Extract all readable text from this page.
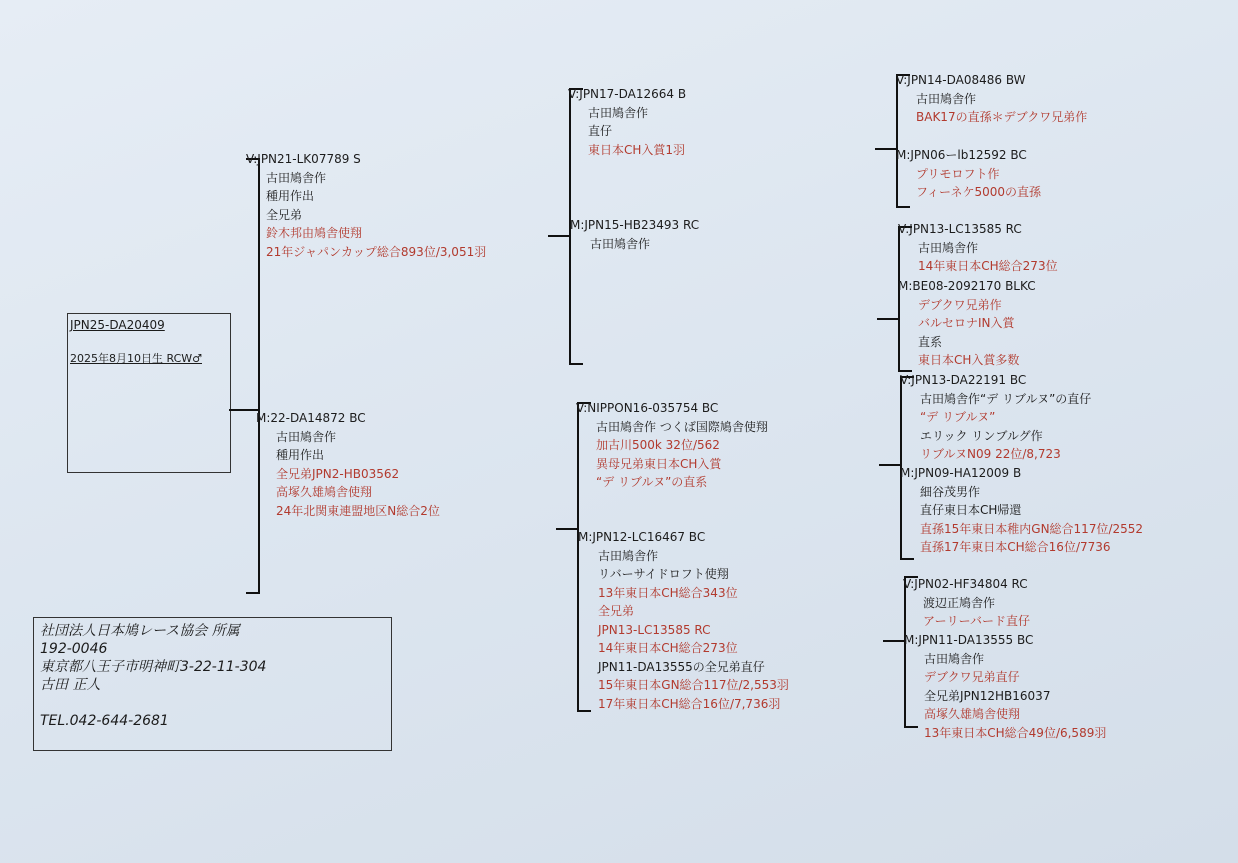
JPN25-DA20409
2025年8月10日生 RCW♂
社団法人日本鳩レース協会 所属
192-0046
東京都八王子市明神町3-22-11-304
古田 正人
TEL.042-644-2681
V:JPN21-LK07789 S
古田鳩舎作
種用作出
全兄弟
鈴木邦由鳩舎使翔
21年ジャパンカップ総合893位/3,051羽
M:22-DA14872 BC
古田鳩舎作
種用作出
全兄弟JPN2-HB03562
高塚久雄鳩舎使翔
24年北関東連盟地区N総合2位
V:JPN17-DA12664 B
古田鳩舎作
直仔
東日本CH入賞1羽
M:JPN15-HB23493 RC
古田鳩舎作
V:NIPPON16-035754 BC
古田鳩舎作 つくば国際鳩舎使翔
加古川500k 32位/562
異母兄弟東日本CH入賞
“デ リブルヌ”の直系
M:JPN12-LC16467 BC
古田鳩舎作
リバーサイドロフト使翔
13年東日本CH総合343位
全兄弟
JPN13-LC13585 RC
14年東日本CH総合273位
JPN11-DA13555の全兄弟直仔
15年東日本GN総合117位/2,553羽
17年東日本CH総合16位/7,736羽
V:JPN14-DA08486 BW
古田鳩舎作
BAK17の直孫＊デブクワ兄弟作
M:JPN06ーlb12592 BC
プリモロフト作
フィーネケ5000の直孫
V:JPN13-LC13585 RC
古田鳩舎作
14年東日本CH総合273位
M:BE08-2092170 BLKC
デブクワ兄弟作
バルセロナIN入賞
直系
東日本CH入賞多数
V:JPN13-DA22191 BC
古田鳩舎作“デ リブルヌ”の直仔
“デ リブルヌ”
エリック リンブルグ作
リブルヌN09 22位/8,723
M:JPN09-HA12009 B
細谷茂男作
直仔東日本CH帰還
直孫15年東日本稚内GN総合117位/2552
直孫17年東日本CH総合16位/7736
V:JPN02-HF34804 RC
渡辺正鳩舎作
アーリーバード直仔
M:JPN11-DA13555 BC
古田鳩舎作
デブクワ兄弟直仔
全兄弟JPN12HB16037
高塚久雄鳩舎使翔
13年東日本CH総合49位/6,589羽
